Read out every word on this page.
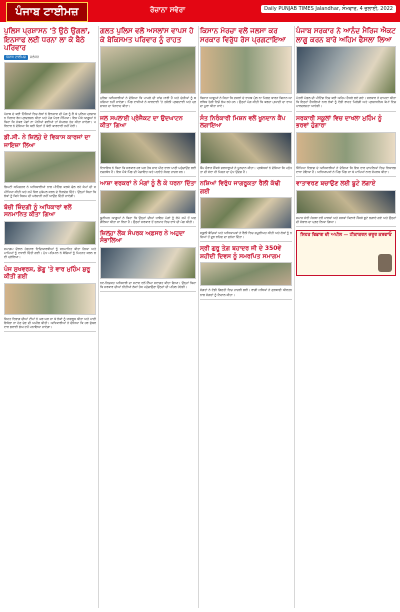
ਪੰਜਾਬ ਟਾਈਮਜ਼	ਰੋਜ਼ਾਨਾ ਸਵੇਰਾ	Daily PUNJAB TIMES Jalandhar, ਸੋਮਵਾਰ, 4 ਜੁਲਾਈ, 2022
ਪੁਲਿਸ ਪ੍ਰਸ਼ਾਸਨ 'ਤੇ ਉਠੇ ਉਂਗਲਾਂ, ਇਨਸਾਫ ਲਈ ਧਰਨਾ ਲਾ ਕੇ ਬੈਠੇ ਪਰਿਵਾਰ
ਪੰਜਾਬ ਟਾਈਮਜ਼	ਜਲੰਧਰ
ਪੰਜਾਬ ਦੇ ਕਈ ਹਿੱਸਿਆਂ ਵਿਚ ਲੋਕਾਂ ਨੇ ਇਨਸਾਫ ਦੀ ਮੰਗ ਨੂੰ ਲੈ ਕੇ ਪੁਲਿਸ ਪ੍ਰਸ਼ਾਸਨ ਖਿਲਾਫ ਰੋਸ ਪ੍ਰਦਰਸ਼ਨ ਕੀਤਾ ਅਤੇ ਮੰਗ ਪੱਤਰ ਸੌਂਪਿਆ। ਇਸ ਮੌਕੇ ਆਗੂਆਂ ਨੇ ਕਿਹਾ ਕਿ ਜੇਕਰ ਮੰਗਾਂ ਨਾ ਮੰਨੀਆਂ ਗਈਆਂ ਤਾਂ ਸੰਘਰਸ਼ ਤੇਜ਼ ਕੀਤਾ ਜਾਵੇਗਾ। ਪਰਿਵਾਰ ਨੇ ਦੱਸਿਆ ਕਿ ਕਈ ਦਿਨਾਂ ਤੋਂ ਕੋਈ ਕਾਰਵਾਈ ਨਹੀਂ ਹੋਈ।
ਡੀ.ਸੀ. ਨੇ ਜ਼ਿਲ੍ਹੇ ਦੇ ਵਿਕਾਸ ਕਾਰਜਾਂ ਦਾ ਜਾਇਜ਼ਾ ਲਿਆ
ਡਿਪਟੀ ਕਮਿਸ਼ਨਰ ਨੇ ਅਧਿਕਾਰੀਆਂ ਨਾਲ ਮੀਟਿੰਗ ਕਰਕੇ ਚੱਲ ਰਹੇ ਕੰਮਾਂ ਦੀ ਸਮੀਖਿਆ ਕੀਤੀ ਅਤੇ ਸਮੇਂ ਸਿਰ ਮੁਕੰਮਲ ਕਰਨ ਦੇ ਨਿਰਦੇਸ਼ ਦਿੱਤੇ। ਉਨ੍ਹਾਂ ਕਿਹਾ ਕਿ ਲੋਕਾਂ ਨੂੰ ਕਿਸੇ ਕਿਸਮ ਦੀ ਪਰੇਸ਼ਾਨੀ ਨਹੀਂ ਆਉਣ ਦਿੱਤੀ ਜਾਵੇਗੀ।
ਬੱਚੀ ਜ਼ਿੰਦਗੀ ਨੂੰ ਅਧਿਕਾਰਾਂ ਵਲੋਂ ਸਨਮਾਨਿਤ ਕੀਤਾ ਗਿਆ
ਸਮਾਗਮ ਦੌਰਾਨ ਹੋਣਹਾਰ ਵਿਦਿਆਰਥੀਆਂ ਨੂੰ ਸਨਮਾਨਿਤ ਕੀਤਾ ਗਿਆ ਅਤੇ ਮਾਪਿਆਂ ਨੂੰ ਵਧਾਈ ਦਿੱਤੀ ਗਈ। ਮੁੱਖ ਮਹਿਮਾਨ ਨੇ ਬੱਚਿਆਂ ਨੂੰ ਮਿਹਨਤ ਕਰਨ ਲਈ ਪ੍ਰੇਰਿਆ।
ਪੰਜ ਸੁਖਵਰਸ਼, ਡੇਂਗੂ 'ਤੇ ਵਾਰ ਮੁਹਿੰਮ ਸ਼ੁਰੂ ਕੀਤੀ ਗਈ
ਸਿਹਤ ਵਿਭਾਗ ਦੀਆਂ ਟੀਮਾਂ ਨੇ ਘਰ ਘਰ ਜਾ ਕੇ ਲੋਕਾਂ ਨੂੰ ਜਾਗਰੂਕ ਕੀਤਾ ਅਤੇ ਪਾਣੀ ਇਕੱਠਾ ਨਾ ਹੋਣ ਦੇਣ ਦੀ ਅਪੀਲ ਕੀਤੀ। ਅਧਿਕਾਰੀਆਂ ਨੇ ਦੱਸਿਆ ਕਿ ਹਰ ਸ਼ੁੱਕਰਵਾਰ ਡਰਾਈ ਡੇਅ ਵਜੋਂ ਮਨਾਇਆ ਜਾਵੇਗਾ।
ਗਲਤ ਪੁਲਿਸ ਵਲੋਂ ਅਸਲਾਂਸ ਵਾਪਸ ਹੋ ਕੇ ਬੇਕਿਸਮਤ ਪਰਿਵਾਰ ਨੂੰ ਰਾਹਤ
ਪੁਲਿਸ ਅਧਿਕਾਰੀਆਂ ਨੇ ਦੱਸਿਆ ਕਿ ਮਾਮਲੇ ਦੀ ਜਾਂਚ ਜਾਰੀ ਹੈ ਅਤੇ ਦੋਸ਼ੀਆਂ ਨੂੰ ਬਖ਼ਸ਼ਿਆ ਨਹੀਂ ਜਾਵੇਗਾ। ਪਿੰਡ ਵਾਸੀਆਂ ਨੇ ਕਾਰਵਾਈ 'ਤੇ ਤਸੱਲੀ ਪ੍ਰਗਟਾਈ ਅਤੇ ਪ੍ਰਸ਼ਾਸਨ ਦਾ ਧੰਨਵਾਦ ਕੀਤਾ।
ਜਲ ਸਪਲਾਈ ਪ੍ਰੋਜੈਕਟ ਦਾ ਉਦਘਾਟਨ ਕੀਤਾ ਗਿਆ
ਵਿਧਾਇਕ ਨੇ ਕਿਹਾ ਕਿ ਸਰਕਾਰ ਹਰ ਘਰ ਤੱਕ ਸਾਫ ਪੀਣ ਵਾਲਾ ਪਾਣੀ ਪਹੁੰਚਾਉਣ ਲਈ ਵਚਨਬੱਧ ਹੈ। ਇਸ ਮੌਕੇ ਪਿੰਡ ਦੀ ਪੰਚਾਇਤ ਅਤੇ ਪਤਵੰਤੇ ਸੱਜਣ ਹਾਜ਼ਰ ਸਨ।
ਆਸ਼ਾ ਵਰਕਰਾਂ ਨੇ ਮੰਗਾਂ ਨੂੰ ਲੈ ਕੇ ਧਰਨਾ ਦਿੱਤਾ
ਯੂਨੀਅਨ ਆਗੂਆਂ ਨੇ ਕਿਹਾ ਕਿ ਉਨ੍ਹਾਂ ਦੀਆਂ ਜਾਇਜ਼ ਮੰਗਾਂ ਨੂੰ ਲੰਮੇ ਸਮੇਂ ਤੋਂ ਅਣਗੌਲਿਆ ਕੀਤਾ ਜਾ ਰਿਹਾ ਹੈ। ਉਨ੍ਹਾਂ ਸਰਕਾਰ ਤੋਂ ਤਨਖ਼ਾਹ ਵਿਚ ਵਾਧੇ ਦੀ ਮੰਗ ਕੀਤੀ।
ਜ਼ਿਲ੍ਹਾ ਲੋਕ ਸੰਪਰਕ ਅਫ਼ਸਰ ਨੇ ਅਹੁਦਾ ਸੰਭਾਲਿਆ
ਨਵ-ਨਿਯੁਕਤ ਅਧਿਕਾਰੀ ਦਾ ਸਟਾਫ ਵਲੋਂ ਨਿੱਘਾ ਸਵਾਗਤ ਕੀਤਾ ਗਿਆ। ਉਨ੍ਹਾਂ ਕਿਹਾ ਕਿ ਸਰਕਾਰ ਦੀਆਂ ਨੀਤੀਆਂ ਲੋਕਾਂ ਤੱਕ ਪਹੁੰਚਾਉਣਾ ਉਨ੍ਹਾਂ ਦੀ ਪਹਿਲ ਹੋਵੇਗੀ।
ਕਿਸਾਨ ਮੋਰਚਾ ਵਲੋਂ ਜਲਸਾ ਕਰ ਸਰਕਾਰ ਵਿਰੁੱਧ ਰੋਸ ਪ੍ਰਗਟਾਇਆ
ਕਿਸਾਨ ਆਗੂਆਂ ਨੇ ਕਿਹਾ ਕਿ ਫ਼ਸਲਾਂ ਦੇ ਵਾਜਬ ਮੁੱਲ ਨਾ ਮਿਲਣ ਕਾਰਨ ਕਿਸਾਨ ਆਰਥਿਕ ਤੰਗੀ ਵਿਚੋਂ ਲੰਘ ਰਹੇ ਹਨ। ਉਨ੍ਹਾਂ ਮੰਗ ਕੀਤੀ ਕਿ ਕਰਜ਼ਾ ਮੁਆਫ਼ੀ ਦਾ ਵਾਅਦਾ ਪੂਰਾ ਕੀਤਾ ਜਾਵੇ।
ਸੰਤ ਨਿਰੰਕਾਰੀ ਮਿਸ਼ਨ ਵਲੋਂ ਖੂਨਦਾਨ ਕੈਂਪ ਲਗਾਇਆ
ਕੈਂਪ ਦੌਰਾਨ ਸੈਂਕੜੇ ਸ਼ਰਧਾਲੂਆਂ ਨੇ ਖੂਨਦਾਨ ਕੀਤਾ। ਪ੍ਰਬੰਧਕਾਂ ਨੇ ਦੱਸਿਆ ਕਿ ਮਨੁੱਖਤਾ ਦੀ ਸੇਵਾ ਹੀ ਮਿਸ਼ਨ ਦਾ ਮੁੱਖ ਉਦੇਸ਼ ਹੈ।
ਨਸ਼ਿਆਂ ਵਿਰੁੱਧ ਜਾਗਰੂਕਤਾ ਰੈਲੀ ਕੱਢੀ ਗਈ
ਸਕੂਲੀ ਬੱਚਿਆਂ ਅਤੇ ਅਧਿਆਪਕਾਂ ਨੇ ਰੈਲੀ ਵਿਚ ਸ਼ਮੂਲੀਅਤ ਕੀਤੀ ਅਤੇ ਲੋਕਾਂ ਨੂੰ ਨਸ਼ਿਆਂ ਤੋਂ ਦੂਰ ਰਹਿਣ ਦਾ ਸੁਨੇਹਾ ਦਿੱਤਾ।
ਸ੍ਰੀ ਗੁਰੂ ਤੇਗ਼ ਬਹਾਦਰ ਜੀ ਦੇ 350ਵੇਂ ਸ਼ਹੀਦੀ ਦਿਵਸ ਨੂੰ ਸਮਰਪਿਤ ਸਮਾਗਮ
ਸੰਗਤਾਂ ਨੇ ਵੱਡੀ ਗਿਣਤੀ ਵਿਚ ਹਾਜ਼ਰੀ ਭਰੀ। ਰਾਗੀ ਜਥਿਆਂ ਨੇ ਗੁਰਬਾਣੀ ਕੀਰਤਨ ਨਾਲ ਸੰਗਤਾਂ ਨੂੰ ਨਿਹਾਲ ਕੀਤਾ।
ਪੰਜਾਬ ਸਰਕਾਰ ਨੇ ਆਨੰਦ ਮੈਰਿਜ ਐਕਟ ਲਾਗੂ ਕਰਨ ਬਾਰੇ ਅਹਿਮ ਫੈਸਲਾ ਲਿਆ
ਮੰਤਰੀ ਮੰਡਲ ਦੀ ਮੀਟਿੰਗ ਵਿਚ ਕਈ ਅਹਿਮ ਫੈਸਲੇ ਲਏ ਗਏ। ਸਰਕਾਰ ਨੇ ਦਾਅਵਾ ਕੀਤਾ ਕਿ ਇਨ੍ਹਾਂ ਫੈਸਲਿਆਂ ਨਾਲ ਲੋਕਾਂ ਨੂੰ ਵੱਡੀ ਰਾਹਤ ਮਿਲੇਗੀ ਅਤੇ ਪ੍ਰਸ਼ਾਸਨਿਕ ਕੰਮਾਂ ਵਿਚ ਪਾਰਦਰਸ਼ਤਾ ਆਵੇਗੀ।
ਸਰਕਾਰੀ ਸਕੂਲਾਂ ਵਿਚ ਦਾਖਲਾ ਮੁਹਿੰਮ ਨੂੰ ਭਰਵਾਂ ਹੁੰਗਾਰਾ
ਸਿੱਖਿਆ ਵਿਭਾਗ ਦੇ ਅਧਿਕਾਰੀਆਂ ਨੇ ਦੱਸਿਆ ਕਿ ਇਸ ਵਾਰ ਦਾਖਲਿਆਂ ਵਿਚ ਰਿਕਾਰਡ ਵਾਧਾ ਹੋਇਆ ਹੈ। ਅਧਿਆਪਕਾਂ ਨੇ ਪਿੰਡ ਪਿੰਡ ਜਾ ਕੇ ਮਾਪਿਆਂ ਨਾਲ ਸੰਪਰਕ ਕੀਤਾ।
ਵਾਤਾਵਰਣ ਬਚਾਉਣ ਲਈ ਬੂਟੇ ਲਗਾਏ
ਸਮਾਜ ਸੇਵੀ ਸੰਸਥਾ ਵਲੋਂ ਪਾਰਕਾਂ ਅਤੇ ਸੜਕਾਂ ਕਿਨਾਰੇ ਸੈਂਕੜੇ ਬੂਟੇ ਲਗਾਏ ਗਏ ਅਤੇ ਉਨ੍ਹਾਂ ਦੀ ਸੰਭਾਲ ਦਾ ਪ੍ਰਣ ਲਿਆ ਗਿਆ।
ਸਿਹਤ ਵਿਭਾਗ ਦੀ ਅਪੀਲ — ਟੀਕਾਕਰਨ ਜ਼ਰੂਰ ਕਰਵਾਓ
